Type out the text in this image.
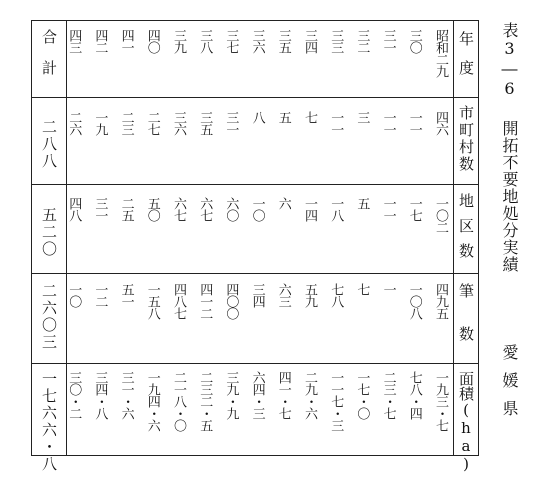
表3―6
開拓不要地処分実績
愛媛県
年度
市町村数
地区数
筆数
面積(ha)
合計
二八八
五二〇
二六〇三
一七六六・八
昭和二九
四六
一〇二
四九五
一九三・七
三〇
一一
一七
一〇八
七八・四
三一
一一
一一
一
二三・七
三二
三
五
七
一七・〇
三三
一一
一八
七八
一一七・三
三四
七
一四
五九
二九・六
三五
五
六
六三
四一・七
三六
八
一〇
三四
六四・三
三七
三一
六〇
四〇〇
三九・九
三八
三五
六七
四一二
二三二・五
三九
三六
六七
四八七
二一八・〇
四〇
二七
五〇
一五八
一九四・六
四一
二三
二五
五一
三一・六
四二
一九
三一
一二
三四・八
四三
二六
四八
一〇
三〇・二
